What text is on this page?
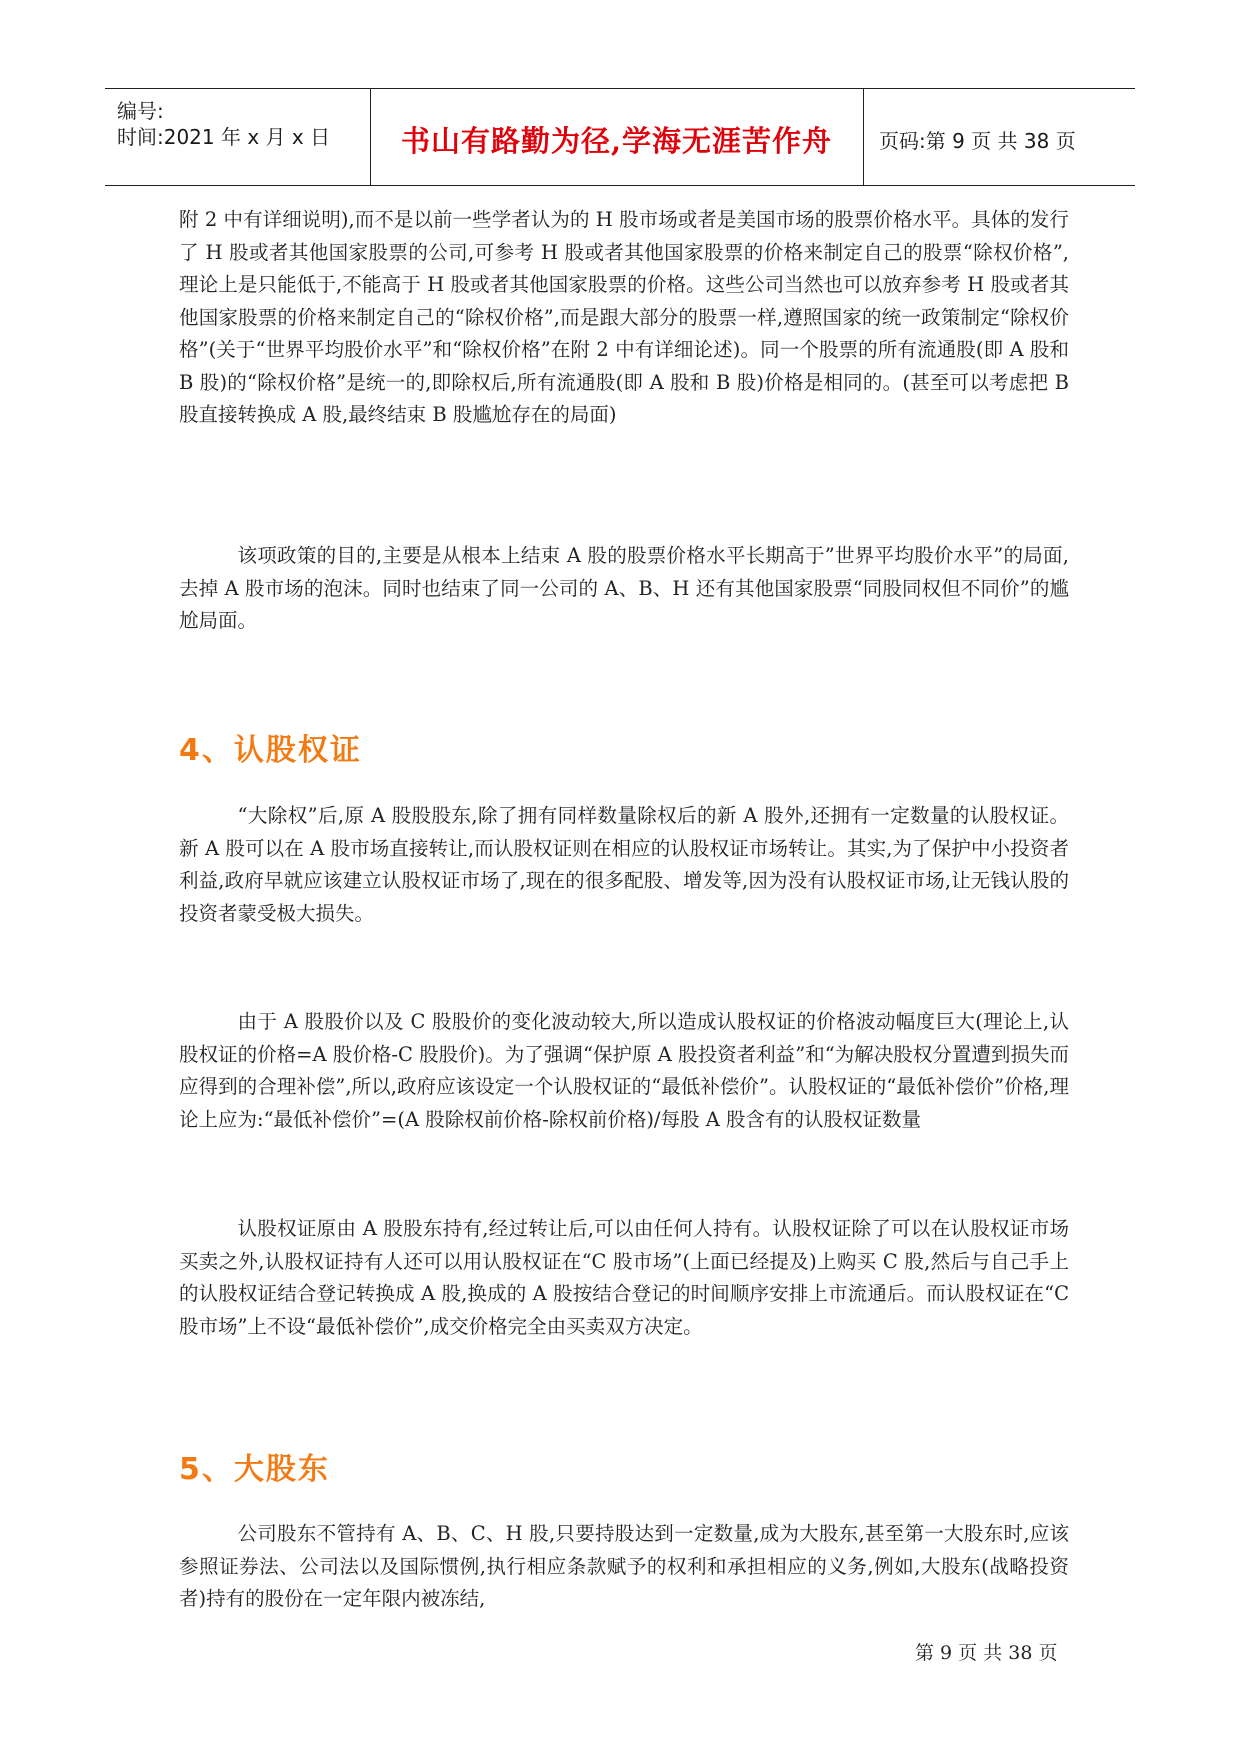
编号:
时间:2021 年 x 月 x 日	书山有路勤为径,学海无涯苦作舟	页码:第 9 页 共 38 页

附 2 中有详细说明),而不是以前一些学者认为的 H 股市场或者是美国市场的股票价格水平。具体的发行了 H 股或者其他国家股票的公司,可参考 H 股或者其他国家股票的价格来制定自己的股票“除权价格”,理论上是只能低于,不能高于 H 股或者其他国家股票的价格。这些公司当然也可以放弃参考 H 股或者其他国家股票的价格来制定自己的“除权价格”,而是跟大部分的股票一样,遵照国家的统一政策制定“除权价格”(关于“世界平均股价水平”和“除权价格”在附 2 中有详细论述)。同一个股票的所有流通股(即 A 股和 B 股)的“除权价格”是统一的,即除权后,所有流通股(即 A 股和 B 股)价格是相同的。(甚至可以考虑把 B 股直接转换成 A 股,最终结束 B 股尴尬存在的局面)

该项政策的目的,主要是从根本上结束 A 股的股票价格水平长期高于”世界平均股价水平”的局面,去掉 A 股市场的泡沫。同时也结束了同一公司的 A、B、H 还有其他国家股票“同股同权但不同价”的尴尬局面。

4、认股权证

“大除权”后,原 A 股股股东,除了拥有同样数量除权后的新 A 股外,还拥有一定数量的认股权证。新 A 股可以在 A 股市场直接转让,而认股权证则在相应的认股权证市场转让。其实,为了保护中小投资者利益,政府早就应该建立认股权证市场了,现在的很多配股、增发等,因为没有认股权证市场,让无钱认股的投资者蒙受极大损失。

由于 A 股股价以及 C 股股价的变化波动较大,所以造成认股权证的价格波动幅度巨大(理论上,认股权证的价格=A 股价格-C 股股价)。为了强调“保护原 A 股投资者利益”和“为解决股权分置遭到损失而应得到的合理补偿”,所以,政府应该设定一个认股权证的“最低补偿价”。认股权证的“最低补偿价”价格,理论上应为:“最低补偿价”=(A 股除权前价格-除权前价格)/每股 A 股含有的认股权证数量

认股权证原由 A 股股东持有,经过转让后,可以由任何人持有。认股权证除了可以在认股权证市场买卖之外,认股权证持有人还可以用认股权证在“C 股市场”(上面已经提及)上购买 C 股,然后与自己手上的认股权证结合登记转换成 A 股,换成的 A 股按结合登记的时间顺序安排上市流通后。而认股权证在“C 股市场”上不设“最低补偿价”,成交价格完全由买卖双方决定。

5、大股东

公司股东不管持有 A、B、C、H 股,只要持股达到一定数量,成为大股东,甚至第一大股东时,应该参照证券法、公司法以及国际惯例,执行相应条款赋予的权利和承担相应的义务,例如,大股东(战略投资者)持有的股份在一定年限内被冻结,

第 9 页 共 38 页
